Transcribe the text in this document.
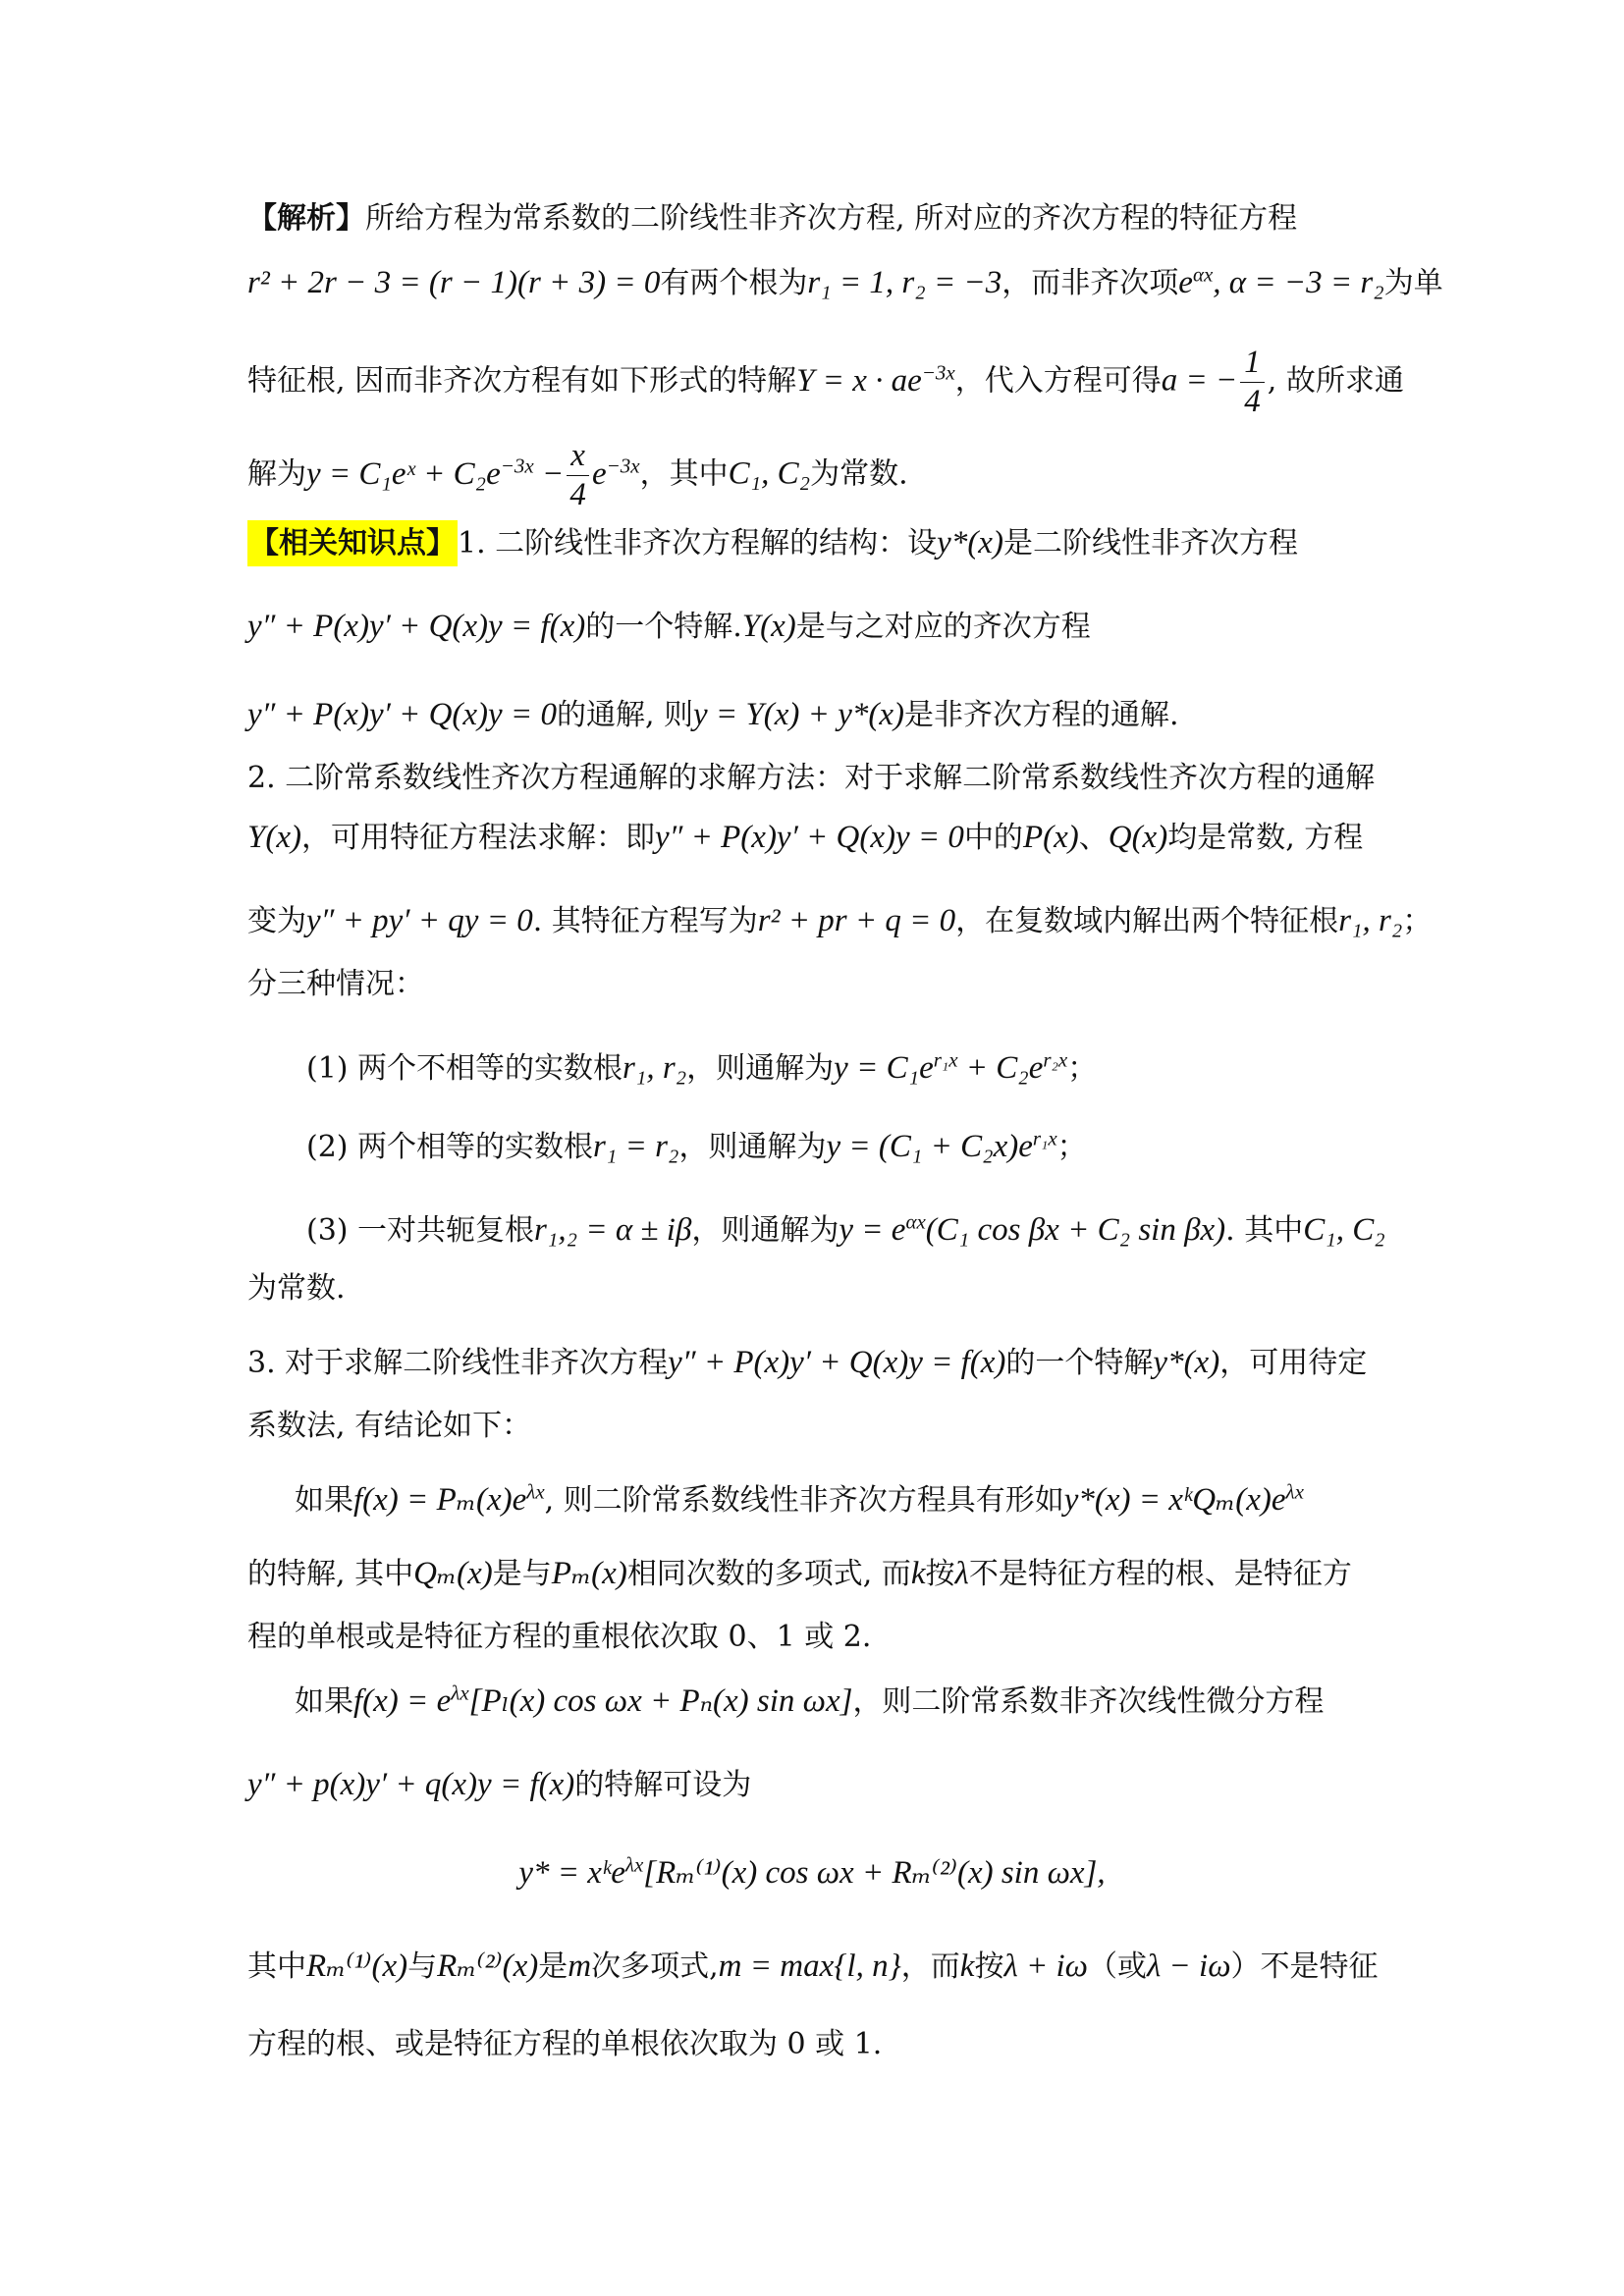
【解析】所给方程为常系数的二阶线性非齐次方程, 所对应的齐次方程的特征方程
r² + 2r − 3 = (r − 1)(r + 3) = 0有两个根为r₁ = 1, r₂ = −3，而非齐次项$e^{\alpha x}$, α = −3 = r₂为单
特征根, 因而非齐次方程有如下形式的特解$Y = x \cdot ae^{-3x}$，代入方程可得a = − $\frac{1}{4}$ , 故所求通
解为y = C₁eˣ + $C_2e^{-3x} - \frac{x}{4} e^{-3x}$，其中C₁, C₂为常数.
【相关知识点】1. 二阶线性非齐次方程解的结构：设y*(x)是二阶线性非齐次方程
y″ + P(x)y′ + Q(x)y = f(x)的一个特解.Y(x)是与之对应的齐次方程
y″ + P(x)y′ + Q(x)y = 0的通解, 则y = Y(x) + y*(x)是非齐次方程的通解.
2. 二阶常系数线性齐次方程通解的求解方法：对于求解二阶常系数线性齐次方程的通解
Y(x)，可用特征方程法求解：即y″ + P(x)y′ + Q(x)y = 0中的P(x)、Q(x)均是常数, 方程
变为y″ + py′ + qy = 0. 其特征方程写为r² + pr + q = 0，在复数域内解出两个特征根r₁, r₂；
分三种情况：
(1) 两个不相等的实数根r₁, r₂，则通解为$y = C_1e^{r_1x} + C_2e^{r_2x}$；
(2) 两个相等的实数根r₁ = r₂，则通解为$y = (C_1 + C_2x)e^{r_1x}$；
(3) 一对共轭复根r₁,₂ = α ± iβ，则通解为$y = e^{\alpha x}(C_1$ cos βx + C₂ sin βx). 其中C₁, C₂
为常数.
3. 对于求解二阶线性非齐次方程y″ + P(x)y′ + Q(x)y = f(x)的一个特解y*(x)，可用待定
系数法, 有结论如下：
如果$f(x) = P_m(x)e^{\lambda x}$, 则二阶常系数线性非齐次方程具有形如$y*(x) = xᵏQ_m(x)e^{\lambda x}$
的特解, 其中Qₘ(x)是与Pₘ(x)相同次数的多项式, 而k按λ不是特征方程的根、是特征方
程的单根或是特征方程的重根依次取 0、1 或 2.
如果$f(x) = e^{\lambda x}[P_l(x)$ cos ωx + Pₙ(x) sin ωx]，则二阶常系数非齐次线性微分方程
y″ + p(x)y′ + q(x)y = f(x)的特解可设为
y* = xᵏe$^{\lambda x}$[Rₘ⁽¹⁾(x) cos ωx + Rₘ⁽²⁾(x) sin ωx],
其中Rₘ⁽¹⁾(x)与Rₘ⁽²⁾(x)是m次多项式,m = max{l, n}，而k按λ + iω（或λ − iω）不是特征
方程的根、或是特征方程的单根依次取为 0 或 1.
